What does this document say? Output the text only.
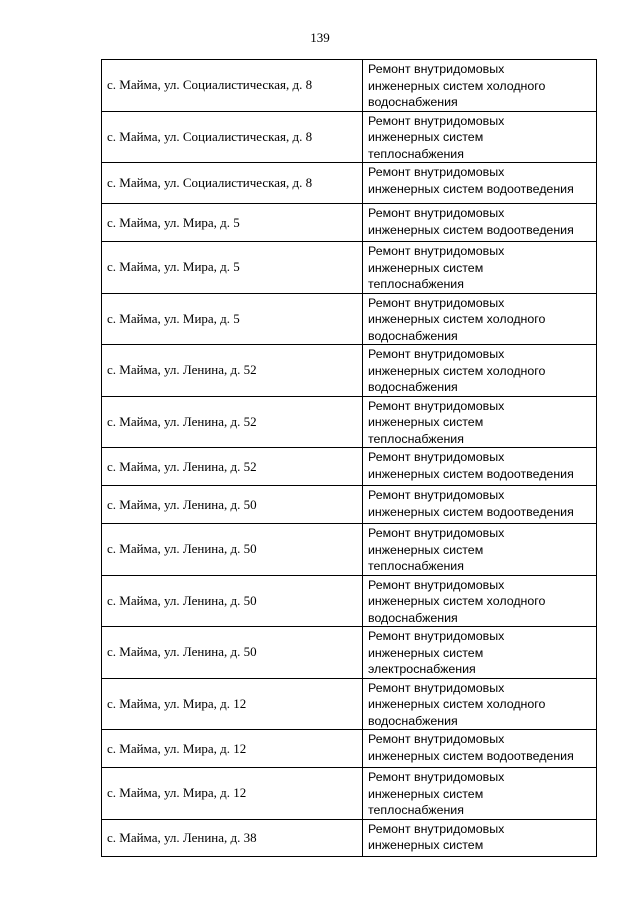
139
с. Майма, ул. Социалистическая, д. 8	Ремонт внутридомовых
инженерных систем холодного
водоснабжения
с. Майма, ул. Социалистическая, д. 8	Ремонт внутридомовых
инженерных систем
теплоснабжения
с. Майма, ул. Социалистическая, д. 8	Ремонт внутридомовых
инженерных систем водоотведения
с. Майма, ул. Мира, д. 5	Ремонт внутридомовых
инженерных систем водоотведения
с. Майма, ул. Мира, д. 5	Ремонт внутридомовых
инженерных систем
теплоснабжения
с. Майма, ул. Мира, д. 5	Ремонт внутридомовых
инженерных систем холодного
водоснабжения
с. Майма, ул. Ленина, д. 52	Ремонт внутридомовых
инженерных систем холодного
водоснабжения
с. Майма, ул. Ленина, д. 52	Ремонт внутридомовых
инженерных систем
теплоснабжения
с. Майма, ул. Ленина, д. 52	Ремонт внутридомовых
инженерных систем водоотведения
с. Майма, ул. Ленина, д. 50	Ремонт внутридомовых
инженерных систем водоотведения
с. Майма, ул. Ленина, д. 50	Ремонт внутридомовых
инженерных систем
теплоснабжения
с. Майма, ул. Ленина, д. 50	Ремонт внутридомовых
инженерных систем холодного
водоснабжения
с. Майма, ул. Ленина, д. 50	Ремонт внутридомовых
инженерных систем
электроснабжения
с. Майма, ул. Мира, д. 12	Ремонт внутридомовых
инженерных систем холодного
водоснабжения
с. Майма, ул. Мира, д. 12	Ремонт внутридомовых
инженерных систем водоотведения
с. Майма, ул. Мира, д. 12	Ремонт внутридомовых
инженерных систем
теплоснабжения
с. Майма, ул. Ленина, д. 38	Ремонт внутридомовых
инженерных систем
